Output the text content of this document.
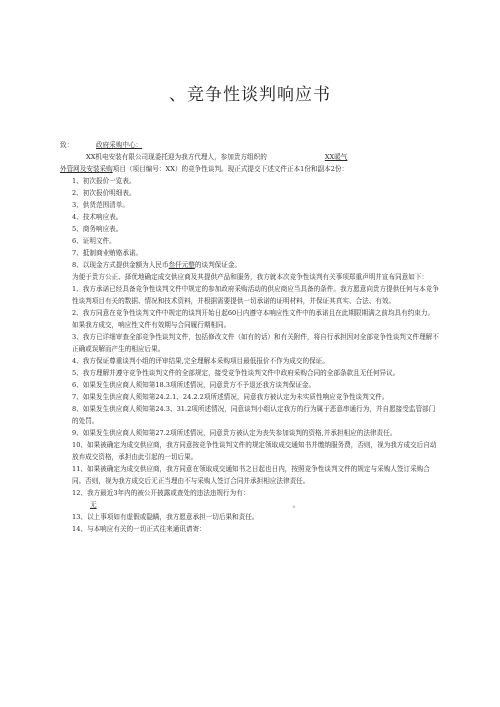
、竞争性谈判响应书
致：	政府采购中心：
XX机电安装有限公司现委托迎为我方代理人，参加贵方组织的	XX暖气
外管网及安装采购项目（项目编号：XX）的竞争性谈判。现正式提交下述文件正本1份和副本2份：
1、初次报价一览表。
2、初次报价明细表。
3、供货范围清单。
4、技术响应表。
5、商务响应表。
6、证明文件。
7、抵制商业贿赂承诺。
8、以现金方式提供金额为人民币叁仟元整的谈判保证金。
为便于贵方公正、择优地确定成交供应商及其提供产品和服务，我方就本次竞争性谈判有关事项郑重声明并宣布同意如下：
1、我方承诺已经具备竞争性谈判文件中规定的参加政府采购活动的供应商应当具备的条件。我方愿意向贵方提供任何与本竞争性谈判项目有关的数据、情况和技术资料，并根据需要提供一切承诺的证明材料，并保证其真实、合法、有效。
2、我方同意在竞争性谈判文件中规定的谈判开始日起60日内遵守本响应性文件中的承诺且在此期限期满之前均具有约束力。如果我方成交，响应性文件有效期与合同履行期相同。
3、我方已详细审查全部竞争性谈判文件，包括修改文件（如有的话）和有关附件，将自行承担因对全部竞争性谈判文件理解不正确或误解而产生的相应后果。
4、我方保证尊重谈判小组的评审结果,完全理解本采购项目最低报价不作为成交的保证。
5、我方理解并遵守竞争性谈判文件的全部规定，接受竞争性谈判文件中政府采购合同的全部条款且无任何异议。
6、如果发生供应商人须知第18.3项所述情况，同意贵方不予退还我方谈判保证金。
7、如果发生供应商人须知第24.2.1、24.2.2项所述情况，同意我方被认定为未实质性响应竞争性谈判文件。
8、如果发生供应商人须知第24.3、31.2项所述情况，同意谈判小组认定我方的行为属于恶意串通行为，并自愿接受监管部门的处罚。
9、如果发生供应商人须知第27.2项所述情况，同意贵方被认定为丧失参加谈判的资格,并承担相应的法律责任。
10、如果被确定为成交供应商，我方同意按竞争性谈判文件的规定领取成交通知书并缴纳服务费，否则，视为我方成交后自动放弃成交资格，承担由此引起的一切后果。
11、如果被确定为成交供应商，我方同意在领取成交通知书之日起也日内，按照竞争性谈判文件的规定与采购人签订采购合同。否则，视为我方成交后无正当理由不与采购人签订合同并承担相应法律责任。
12、我方最近3年内的被公开披露或查处的违法违规行为有：
无	。
13、以上事项如有虚假或隐瞒，我方愿意承担一切后果和责任。
14、与本响应有关的一切正式往来通讯请寄：
